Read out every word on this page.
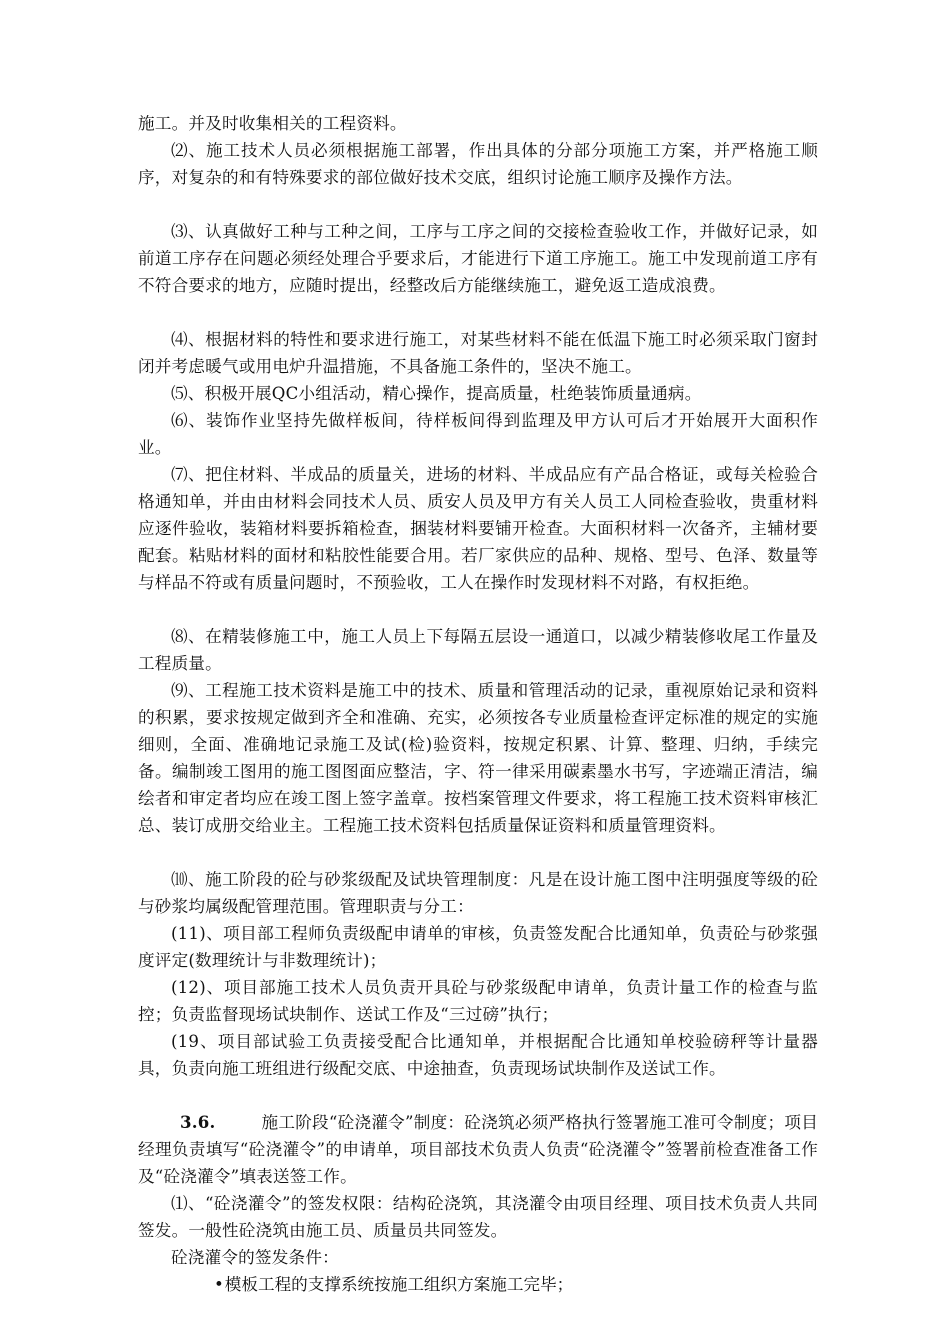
施工。并及时收集相关的工程资料。

⑵、施工技术人员必须根据施工部署，作出具体的分部分项施工方案，并严格施工顺序，对复杂的和有特殊要求的部位做好技术交底，组织讨论施工顺序及操作方法。

⑶、认真做好工种与工种之间，工序与工序之间的交接检查验收工作，并做好记录，如前道工序存在问题必须经处理合乎要求后，才能进行下道工序施工。施工中发现前道工序有不符合要求的地方，应随时提出，经整改后方能继续施工，避免返工造成浪费。

⑷、根据材料的特性和要求进行施工，对某些材料不能在低温下施工时必须采取门窗封闭并考虑暖气或用电炉升温措施，不具备施工条件的，坚决不施工。

⑸、积极开展QC小组活动，精心操作，提高质量，杜绝装饰质量通病。

⑹、装饰作业坚持先做样板间，待样板间得到监理及甲方认可后才开始展开大面积作业。

⑺、把住材料、半成品的质量关，进场的材料、半成品应有产品合格证，或每关检验合格通知单，并由由材料会同技术人员、质安人员及甲方有关人员工人同检查验收，贵重材料应逐件验收，装箱材料要拆箱检查，捆装材料要铺开检查。大面积材料一次备齐，主辅材要配套。粘贴材料的面材和粘胶性能要合用。若厂家供应的品种、规格、型号、色泽、数量等与样品不符或有质量问题时，不预验收，工人在操作时发现材料不对路，有权拒绝。

⑻、在精装修施工中，施工人员上下每隔五层设一通道口，以减少精装修收尾工作量及工程质量。

⑼、工程施工技术资料是施工中的技术、质量和管理活动的记录，重视原始记录和资料的积累，要求按规定做到齐全和准确、充实，必须按各专业质量检查评定标准的规定的实施细则，全面、准确地记录施工及试(检)验资料，按规定积累、计算、整理、归纳，手续完备。编制竣工图用的施工图图面应整洁，字、符一律采用碳素墨水书写，字迹端正清洁，编绘者和审定者均应在竣工图上签字盖章。按档案管理文件要求，将工程施工技术资料审核汇总、装订成册交给业主。工程施工技术资料包括质量保证资料和质量管理资料。

⑽、施工阶段的砼与砂浆级配及试块管理制度：凡是在设计施工图中注明强度等级的砼与砂浆均属级配管理范围。管理职责与分工：

(11)、项目部工程师负责级配申请单的审核，负责签发配合比通知单，负责砼与砂浆强度评定(数理统计与非数理统计)；

(12)、项目部施工技术人员负责开具砼与砂浆级配申请单，负责计量工作的检查与监控；负责监督现场试块制作、送试工作及“三过磅”执行；

(19、项目部试验工负责接受配合比通知单，并根据配合比通知单校验磅秤等计量器具，负责向施工班组进行级配交底、中途抽查，负责现场试块制作及送试工作。

3.6.	施工阶段“砼浇灌令”制度：砼浇筑必须严格执行签署施工准可令制度；项目经理负责填写“砼浇灌令”的申请单，项目部技术负责人负责“砼浇灌令”签署前检查准备工作及“砼浇灌令”填表送签工作。

⑴、“砼浇灌令”的签发权限：结构砼浇筑，其浇灌令由项目经理、项目技术负责人共同签发。一般性砼浇筑由施工员、质量员共同签发。

砼浇灌令的签发条件：

•模板工程的支撑系统按施工组织方案施工完毕；
